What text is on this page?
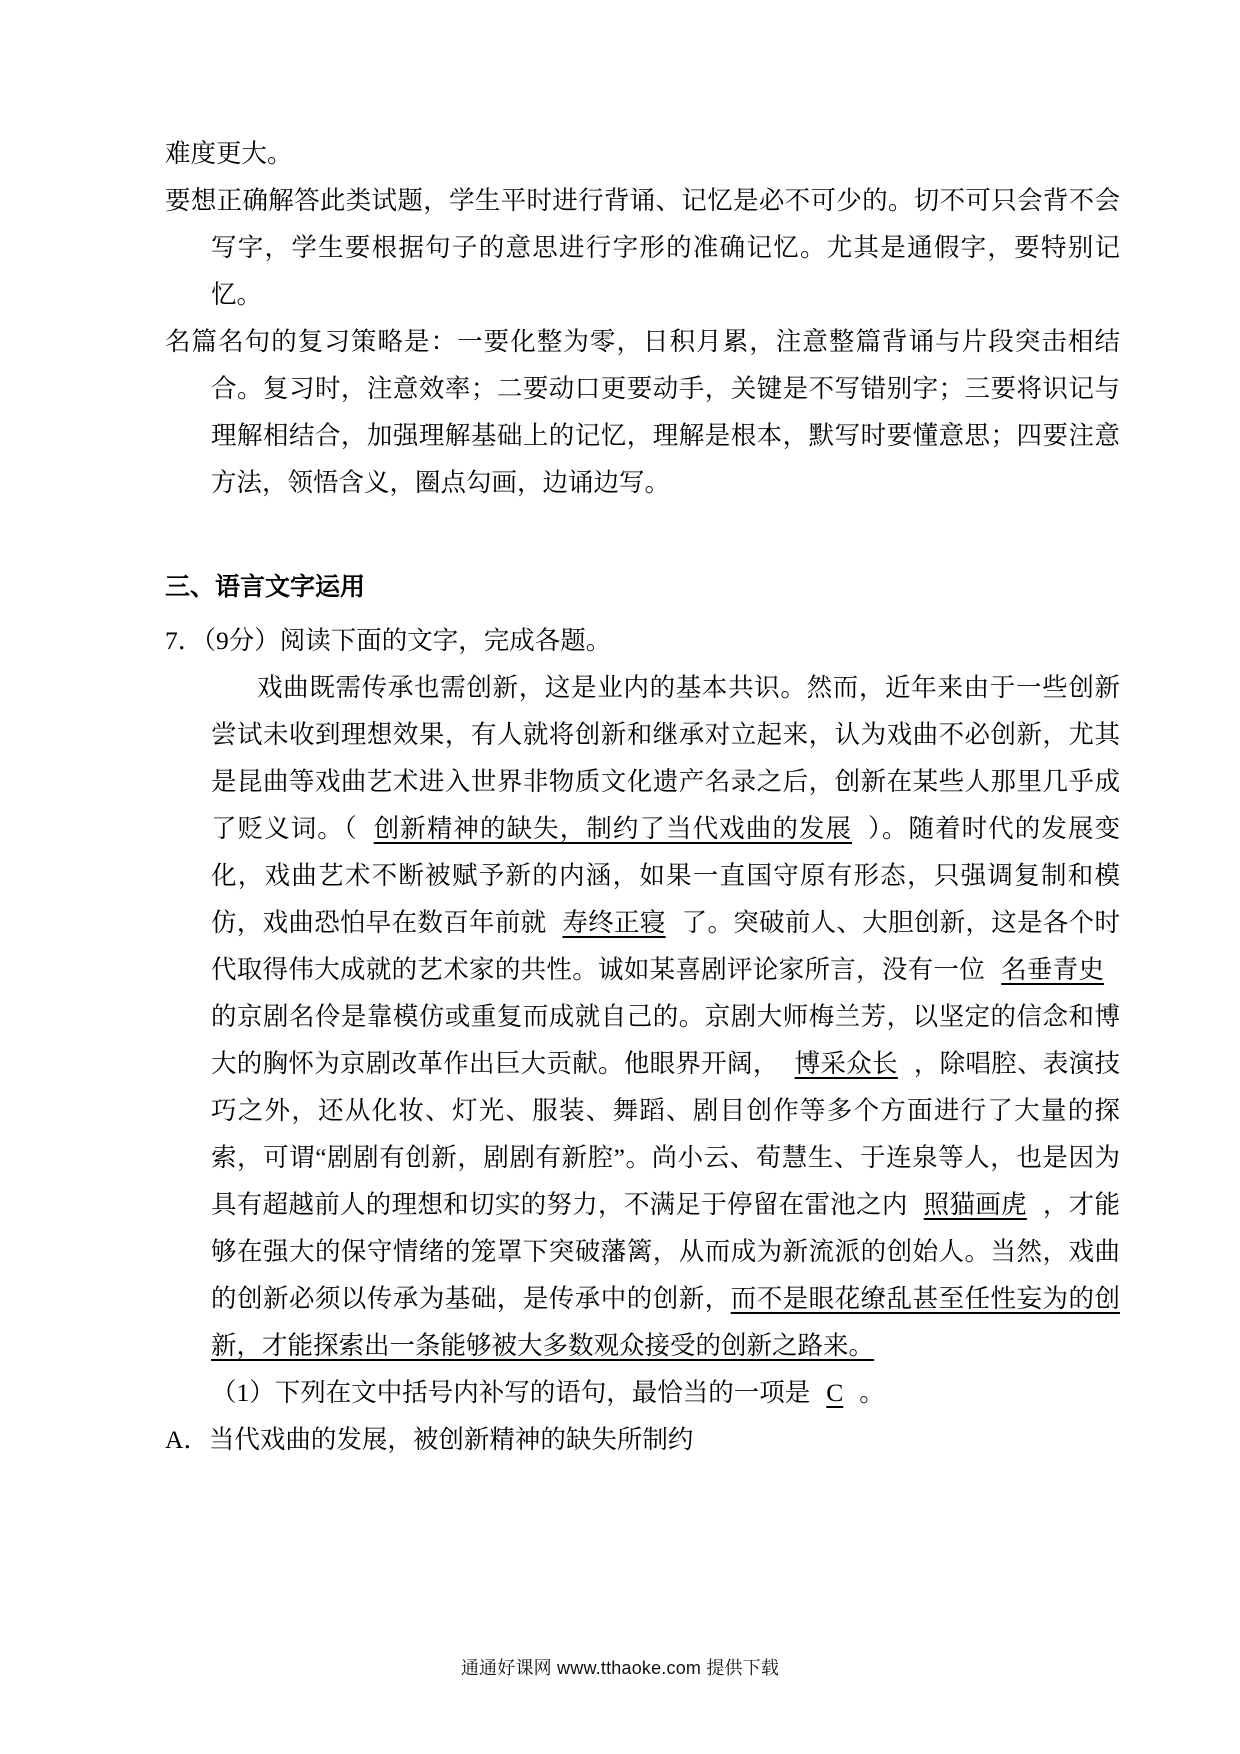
难度更大。
要想正确解答此类试题，学生平时进行背诵、记忆是必不可少的。切不可只会背不会写字，学生要根据句子的意思进行字形的准确记忆。尤其是通假字，要特别记忆。
名篇名句的复习策略是：一要化整为零，日积月累，注意整篇背诵与片段突击相结合。复习时，注意效率；二要动口更要动手，关键是不写错别字；三要将识记与理解相结合，加强理解基础上的记忆，理解是根本，默写时要懂意思；四要注意方法，领悟含义，圈点勾画，边诵边写。
三、语言文字运用
7．（9分）阅读下面的文字，完成各题。
戏曲既需传承也需创新，这是业内的基本共识。然而，近年来由于一些创新尝试未收到理想效果，有人就将创新和继承对立起来，认为戏曲不必创新，尤其是昆曲等戏曲艺术进入世界非物质文化遗产名录之后，创新在某些人那里几乎成了贬义词。（ 创新精神的缺失，制约了当代戏曲的发展 ）。随着时代的发展变化，戏曲艺术不断被赋予新的内涵，如果一直国守原有形态，只强调复制和模仿，戏曲恐怕早在数百年前就 寿终正寝 了。突破前人、大胆创新，这是各个时代取得伟大成就的艺术家的共性。诚如某喜剧评论家所言，没有一位 名垂青史的京剧名伶是靠模仿或重复而成就自己的。京剧大师梅兰芳，以坚定的信念和博大的胸怀为京剧改革作出巨大贡献。他眼界开阔， 博采众长 ，除唱腔、表演技巧之外，还从化妆、灯光、服装、舞蹈、剧目创作等多个方面进行了大量的探索，可谓“剧剧有创新，剧剧有新腔”。尚小云、荀慧生、于连泉等人，也是因为具有超越前人的理想和切实的努力，不满足于停留在雷池之内 照猫画虎 ，才能够在强大的保守情绪的笼罩下突破藩篱，从而成为新流派的创始人。当然，戏曲的创新必须以传承为基础，是传承中的创新，而不是眼花缭乱甚至任性妄为的创新，才能探索出一条能够被大多数观众接受的创新之路来。
（1）下列在文中括号内补写的语句，最恰当的一项是 C 。
A．当代戏曲的发展，被创新精神的缺失所制约
通通好课网 www.tthaoke.com 提供下载
